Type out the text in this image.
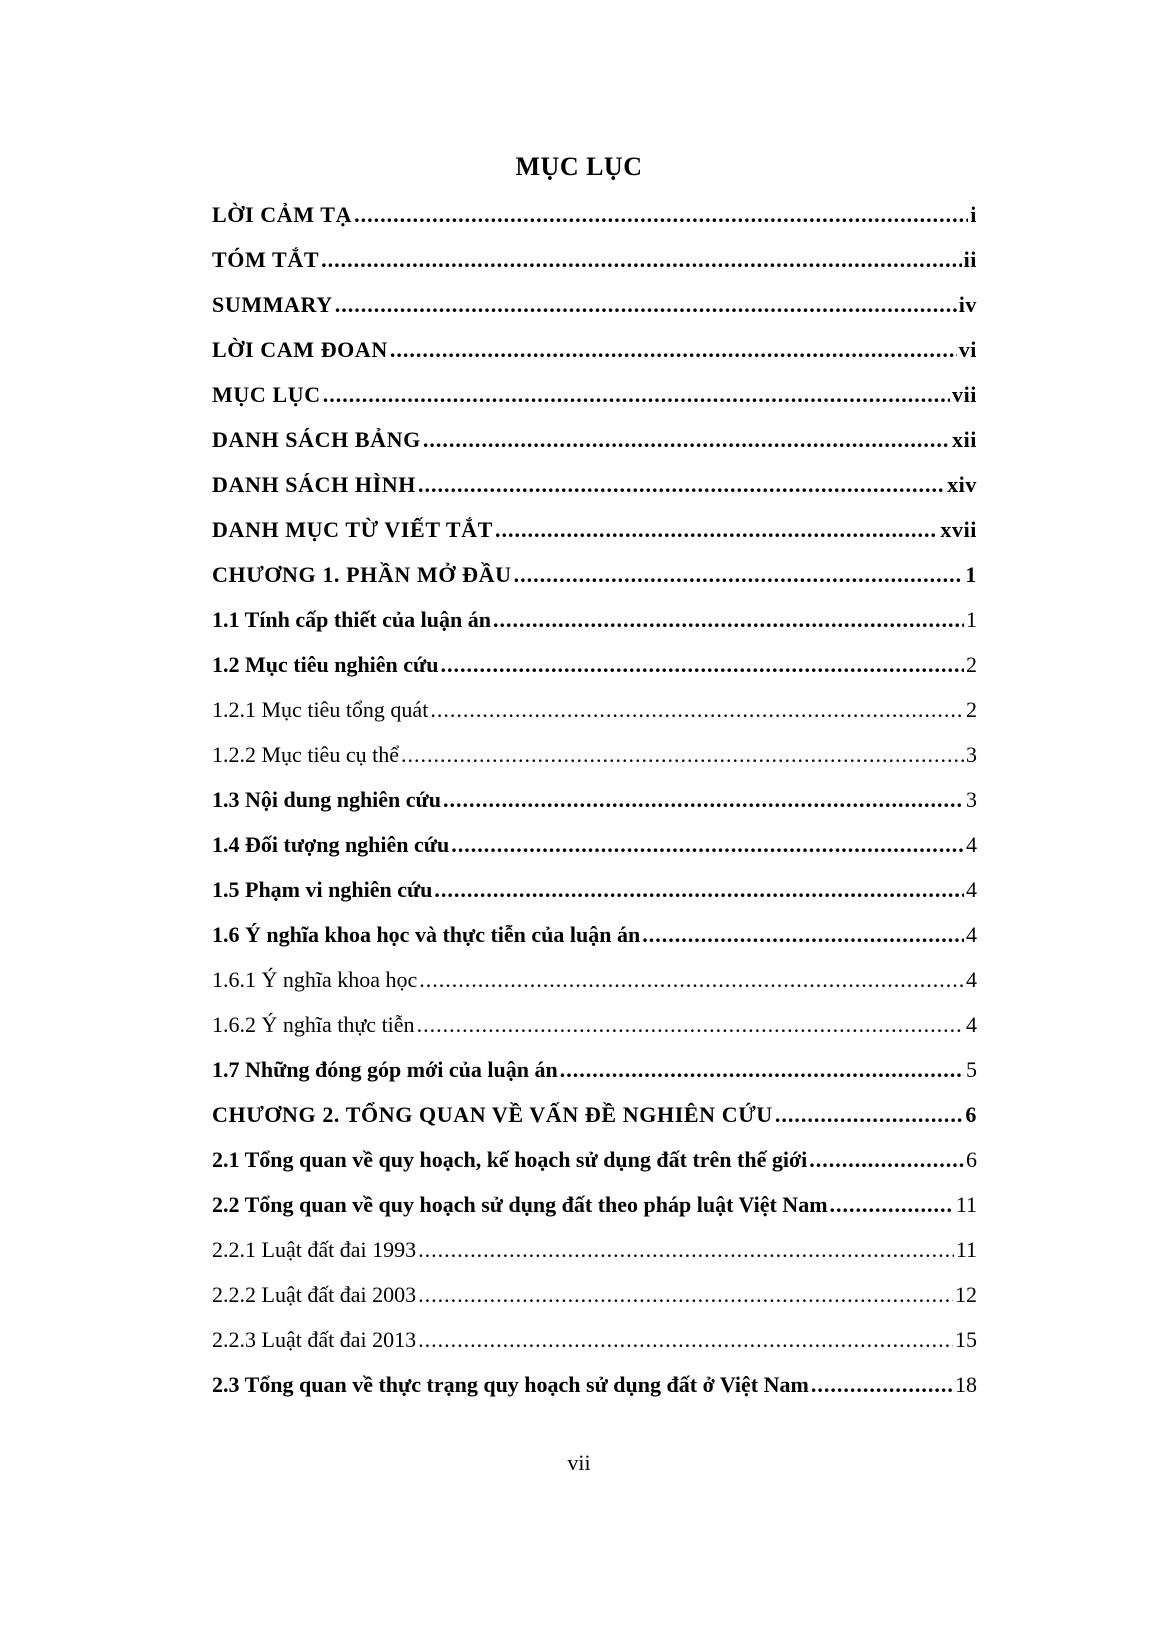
MỤC LỤC
LỜI CẢM TẠ .....	i
TÓM TẮT .....	ii
SUMMARY .....	iv
LỜI CAM ĐOAN .....	vi
MỤC LỤC .....	vii
DANH SÁCH BẢNG .....	xii
DANH SÁCH HÌNH .....	xiv
DANH MỤC TỪ VIẾT TẮT .....	xvii
CHƯƠNG 1. PHẦN MỞ ĐẦU .....	1
1.1 Tính cấp thiết của luận án .....	1
1.2 Mục tiêu nghiên cứu .....	2
1.2.1 Mục tiêu tổng quát .....	2
1.2.2 Mục tiêu cụ thể .....	3
1.3 Nội dung nghiên cứu .....	3
1.4 Đối tượng nghiên cứu .....	4
1.5 Phạm vi nghiên cứu .....	4
1.6 Ý nghĩa khoa học và thực tiễn của luận án .....	4
1.6.1 Ý nghĩa khoa học .....	4
1.6.2 Ý nghĩa thực tiễn .....	4
1.7 Những đóng góp mới của luận án .....	5
CHƯƠNG 2. TỔNG QUAN VỀ VẤN ĐỀ NGHIÊN CỨU .....	6
2.1 Tổng quan về quy hoạch, kế hoạch sử dụng đất trên thế giới .....	6
2.2 Tổng quan về quy hoạch sử dụng đất theo pháp luật Việt Nam .....	11
2.2.1 Luật đất đai 1993 .....	11
2.2.2 Luật đất đai 2003 .....	12
2.2.3 Luật đất đai 2013 .....	15
2.3 Tổng quan về thực trạng quy hoạch sử dụng đất ở Việt Nam .....	18
vii
